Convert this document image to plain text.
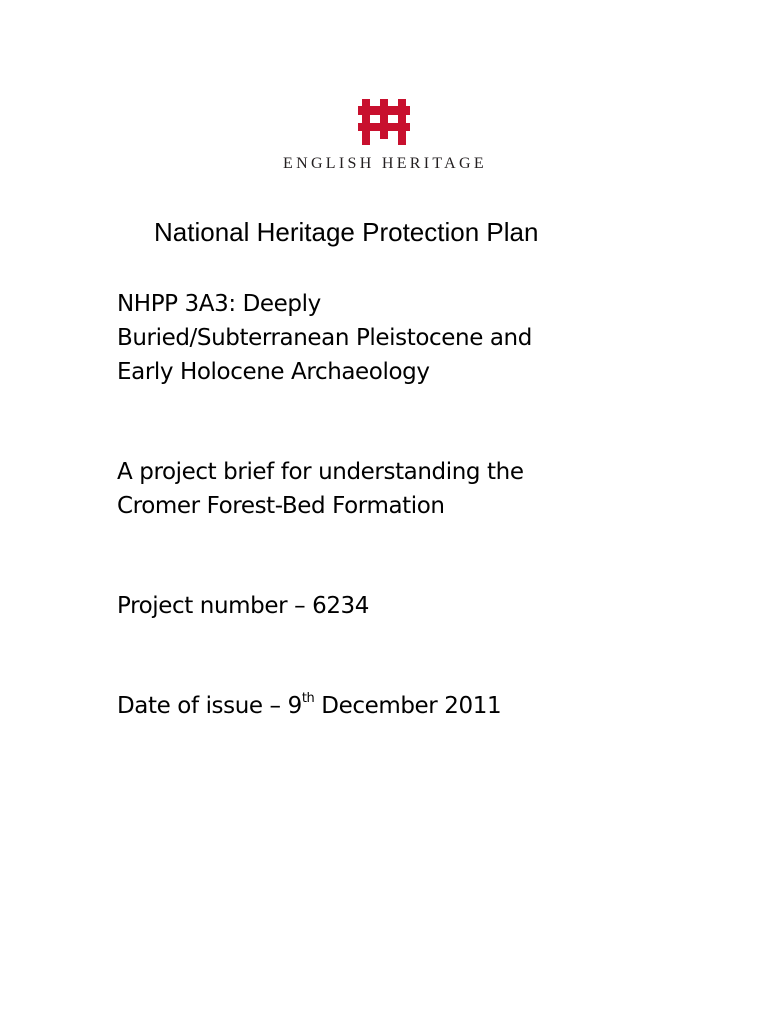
ENGLISH HERITAGE
National Heritage Protection Plan
NHPP 3A3: Deeply
Buried/Subterranean Pleistocene and
Early Holocene Archaeology
A project brief for understanding the
Cromer Forest-Bed Formation
Project number – 6234
Date of issue – 9th December 2011
